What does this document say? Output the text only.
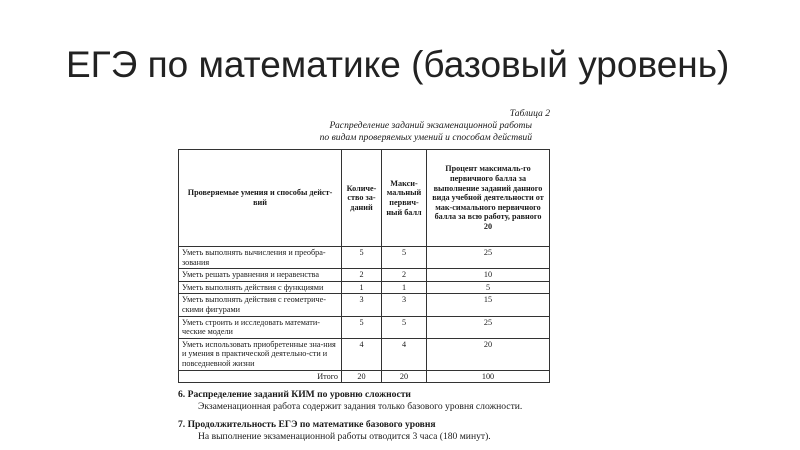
ЕГЭ по математике (базовый уровень)
Таблица 2
Распределение заданий экзаменационной работы
по видам проверяемых умений и способам действий
Проверяемые умения и способы дейст-вий	Количе-ство за-даний	Макси-мальный первич-ный балл	Процент максималь-го первичного балла за выполнение заданий данного вида учебной деятельности от мак-симального первичного балла за всю работу, равного 20
Уметь выполнять вычисления и преобра-зования	5	5	25
Уметь решать уравнения и неравенства	2	2	10
Уметь выполнять действия с функциями	1	1	5
Уметь выполнять действия с геометриче-скими фигурами	3	3	15
Уметь строить и исследовать математи-ческие модели	5	5	25
Уметь использовать приобретенные зна-ния и умения в практической деятельно-сти и повседневной жизни	4	4	20
Итого	20	20	100
6. Распределение заданий КИМ по уровню сложности
Экзаменационная работа содержит задания только базового уровня сложности.
7. Продолжительность ЕГЭ по математике базового уровня
На выполнение экзаменационной работы отводится 3 часа (180 минут).
